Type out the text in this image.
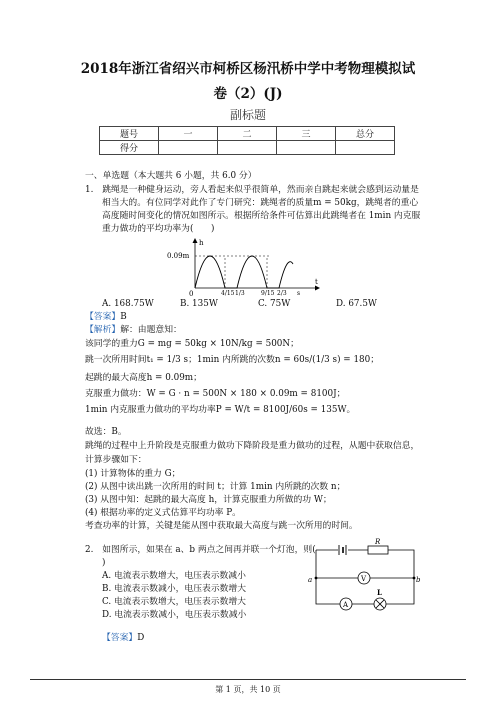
2018年浙江省绍兴市柯桥区杨汛桥中学中考物理模拟试
卷（2）(J)
副标题
题号	一	二	三	总分
得分				
一、单选题（本大题共 6 小题，共 6.0 分）
1.　跳绳是一种健身运动，旁人看起来似乎很简单，然而亲自跳起来就会感到运动量是
相当大的。有位同学对此作了专门研究：跳绳者的质量m = 50kg，跳绳者的重心
高度随时间变化的情况如图所示。根据所给条件可估算出此跳绳者在 1min 内克服
重力做功的平均功率为(　　)
h
0.09m
t
0	4/15 1/3	9/15 2/3 s
A. 168.75W	B. 135W	C. 75W	D. 67.5W
【答案】B
【解析】解：由题意知：
该同学的重力G = mg = 50kg × 10N/kg = 500N；
跳一次所用时间t₁ = 1/3 s；1min 内所跳的次数n = 60s/(1/3 s) = 180；
起跳的最大高度h = 0.09m；
克服重力做功：W = G · n = 500N × 180 × 0.09m = 8100J；
1min 内克服重力做功的平均功率P = W/t = 8100J/60s = 135W。
故选：B。
跳绳的过程中上升阶段是克服重力做功下降阶段是重力做功的过程，从题中获取信息，
计算步骤如下：
(1) 计算物体的重力 G；
(2) 从图中读出跳一次所用的时间 t；计算 1min 内所跳的次数 n；
(3) 从图中知：起跳的最大高度 h，计算克服重力所做的功 W；
(4) 根据功率的定义式估算平均功率 P。
考查功率的计算，关键是能从图中获取最大高度与跳一次所用的时间。
2.　如图所示，如果在 a、b 两点之间再并联一个灯泡，则(
)
A. 电流表示数增大，电压表示数减小
B. 电流表示数减小，电压表示数增大
C. 电流表示数增大，电压表示数增大
D. 电流表示数减小，电压表示数减小
R
V
a	b
A
L
【答案】D
第 1 页，共 10 页
